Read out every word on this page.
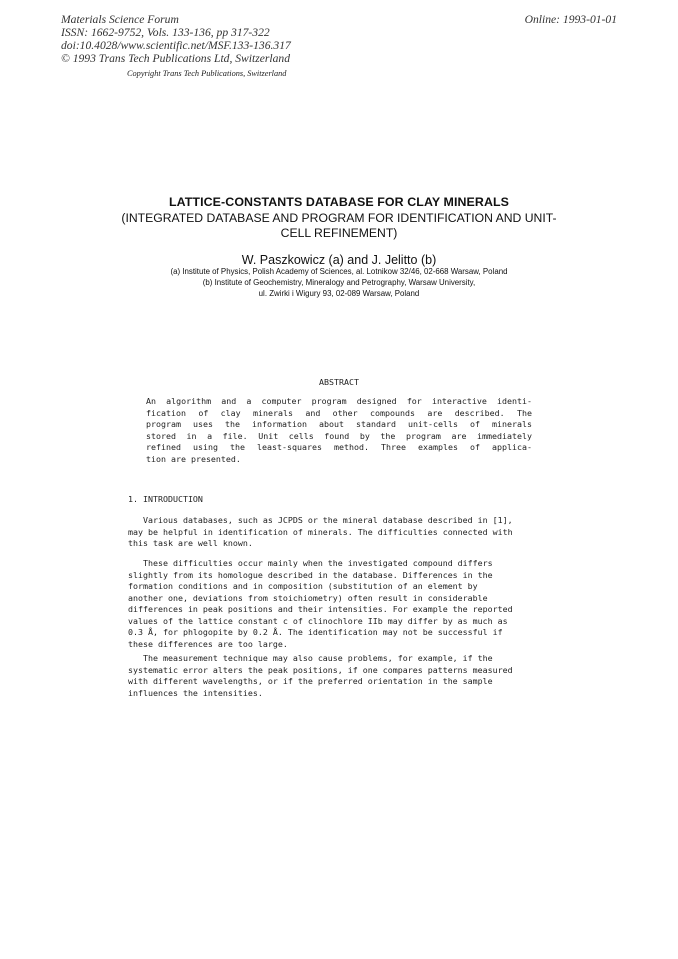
Materials Science Forum
ISSN: 1662-9752, Vols. 133-136, pp 317-322
doi:10.4028/www.scientific.net/MSF.133-136.317
© 1993 Trans Tech Publications Ltd, Switzerland
Online: 1993-01-01
Copyright Trans Tech Publications, Switzerland
LATTICE-CONSTANTS DATABASE FOR CLAY MINERALS
(INTEGRATED DATABASE AND PROGRAM FOR IDENTIFICATION AND UNIT-
CELL REFINEMENT)
W. Paszkowicz (a) and J. Jelitto (b)
(a) Institute of Physics, Polish Academy of Sciences, al. Lotnikow 32/46, 02-668 Warsaw, Poland
(b) Institute of Geochemistry, Mineralogy and Petrography, Warsaw University,
ul. Zwirki i Wigury 93, 02-089 Warsaw, Poland
ABSTRACT
An algorithm and a computer program designed for interactive identi-
fication of clay minerals and other compounds are described. The
program uses the information about standard unit-cells of minerals
stored in a file. Unit cells found by the program are immediately
refined using the least-squares method. Three examples of applica-
tion are presented.
1. INTRODUCTION
Various databases, such as JCPDS or the mineral database described in [1],
may be helpful in identification of minerals. The difficulties connected with
this task are well known.
These difficulties occur mainly when the investigated compound differs
slightly from its homologue described in the database. Differences in the
formation conditions and in composition (substitution of an element by
another one, deviations from stoichiometry) often result in considerable
differences in peak positions and their intensities. For example the reported
values of the lattice constant c of clinochlore IIb may differ by as much as
0.3 Å, for phlogopite by 0.2 Å. The identification may not be successful if
these differences are too large.
The measurement technique may also cause problems, for example, if the
systematic error alters the peak positions, if one compares patterns measured
with different wavelengths, or if the preferred orientation in the sample
influences the intensities.
